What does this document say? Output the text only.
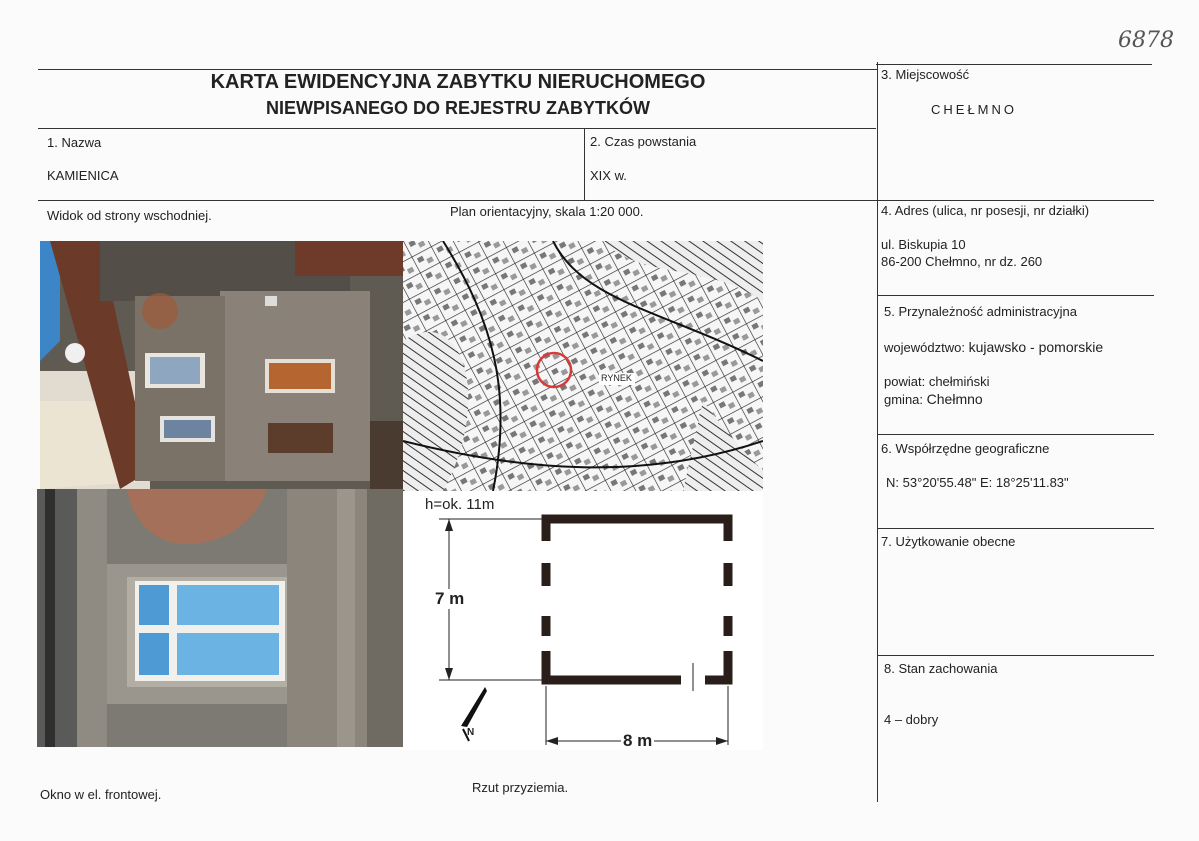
6878
KARTA EWIDENCYJNA ZABYTKU NIERUCHOMEGO
NIEWPISANEGO DO REJESTRU ZABYTKÓW
1. Nazwa
KAMIENICA
2. Czas powstania
XIX w.
3. Miejscowość
CHEŁMNO
4. Adres (ulica, nr posesji, nr działki)
ul. Biskupia 10
86-200 Chełmno, nr dz. 260
5. Przynależność administracyjna
województwo: kujawsko - pomorskie
powiat: chełmiński
gmina: Chełmno
6. Współrzędne geograficzne
N: 53°20'55.48" E: 18°25'11.83"
7. Użytkowanie obecne
8. Stan zachowania
4 – dobry
Widok od strony wschodniej.	Plan orientacyjny, skala 1:20 000.
Okno w el. frontowej.	Rzut przyziemia.
RYNEK
h=ok. 11m
7 m
8 m
N
